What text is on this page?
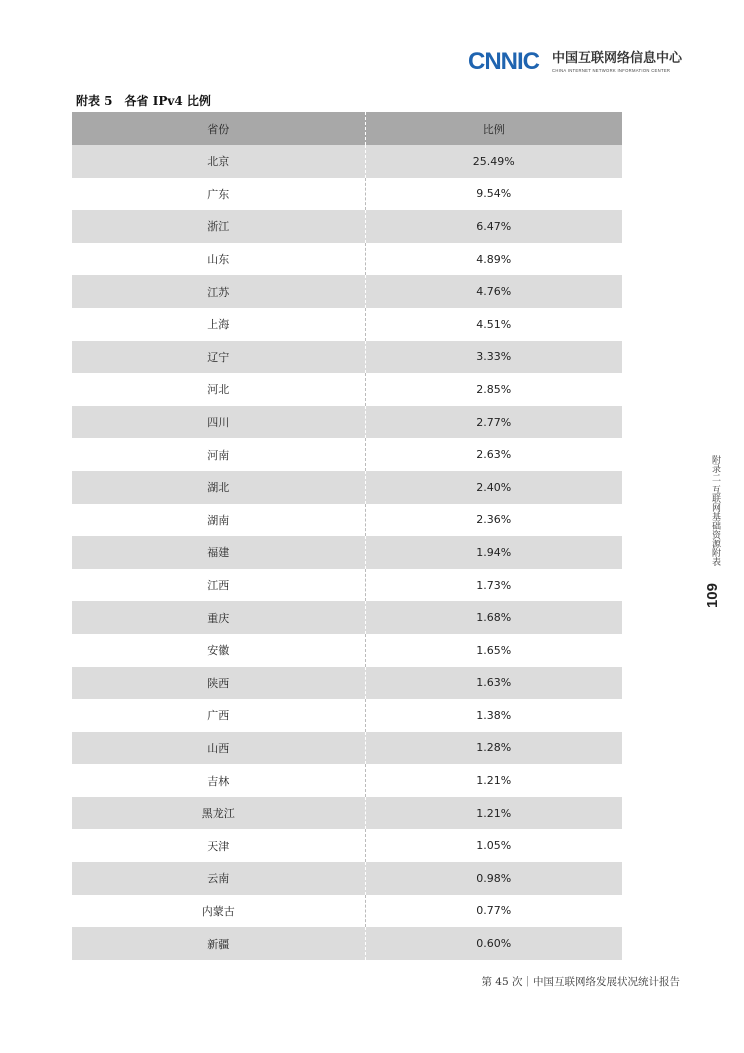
CNNIC 中国互联网络信息中心
CHINA INTERNET NETWORK INFORMATION CENTER
附表 5 各省 IPv4 比例
省份	比例
北京	25.49%
广东	9.54%
浙江	6.47%
山东	4.89%
江苏	4.76%
上海	4.51%
辽宁	3.33%
河北	2.85%
四川	2.77%
河南	2.63%
湖北	2.40%
湖南	2.36%
福建	1.94%
江西	1.73%
重庆	1.68%
安徽	1.65%
陕西	1.63%
广西	1.38%
山西	1.28%
吉林	1.21%
黑龙江	1.21%
天津	1.05%
云南	0.98%
内蒙古	0.77%
新疆	0.60%
109
附录二 互联网基础资源附表
第 45 次｜中国互联网络发展状况统计报告
